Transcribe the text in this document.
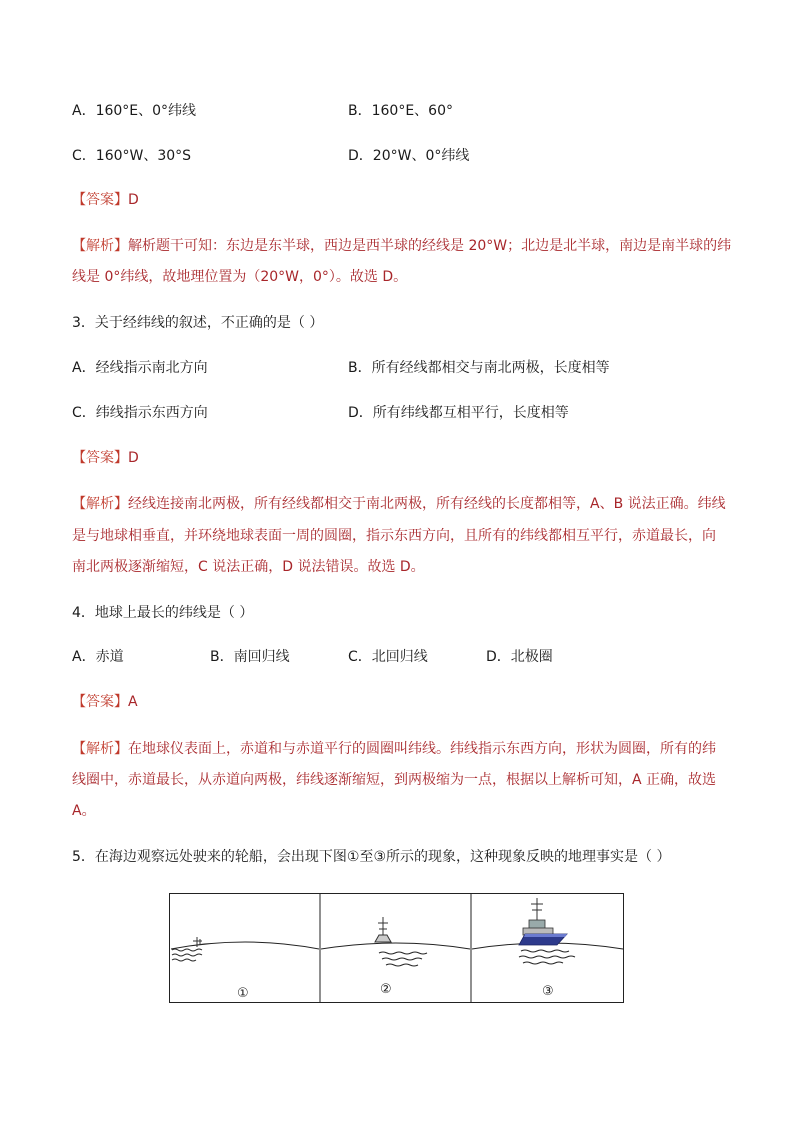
A．160°E、0°纬线	B．160°E、60°
C．160°W、30°S	D．20°W、0°纬线
【答案】D
【解析】解析题干可知：东边是东半球，西边是西半球的经线是 20°W；北边是北半球，南边是南半球的纬
线是 0°纬线，故地理位置为（20°W，0°）。故选 D。
3．关于经纬线的叙述，不正确的是（ ）
A．经线指示南北方向	B．所有经线都相交与南北两极，长度相等
C．纬线指示东西方向	D．所有纬线都互相平行，长度相等
【答案】D
【解析】经线连接南北两极，所有经线都相交于南北两极，所有经线的长度都相等，A、B 说法正确。纬线
是与地球相垂直，并环绕地球表面一周的圆圈，指示东西方向，且所有的纬线都相互平行，赤道最长，向
南北两极逐渐缩短，C 说法正确，D 说法错误。故选 D。
4．地球上最长的纬线是（ ）
A．赤道	B．南回归线	C．北回归线	D．北极圈
【答案】A
【解析】在地球仪表面上，赤道和与赤道平行的圆圈叫纬线。纬线指示东西方向，形状为圆圈，所有的纬
线圈中，赤道最长，从赤道向两极，纬线逐渐缩短，到两极缩为一点，根据以上解析可知，A 正确，故选
A。
5．在海边观察远处驶来的轮船，会出现下图①至③所示的现象，这种现象反映的地理事实是（ ）
①	②	③
